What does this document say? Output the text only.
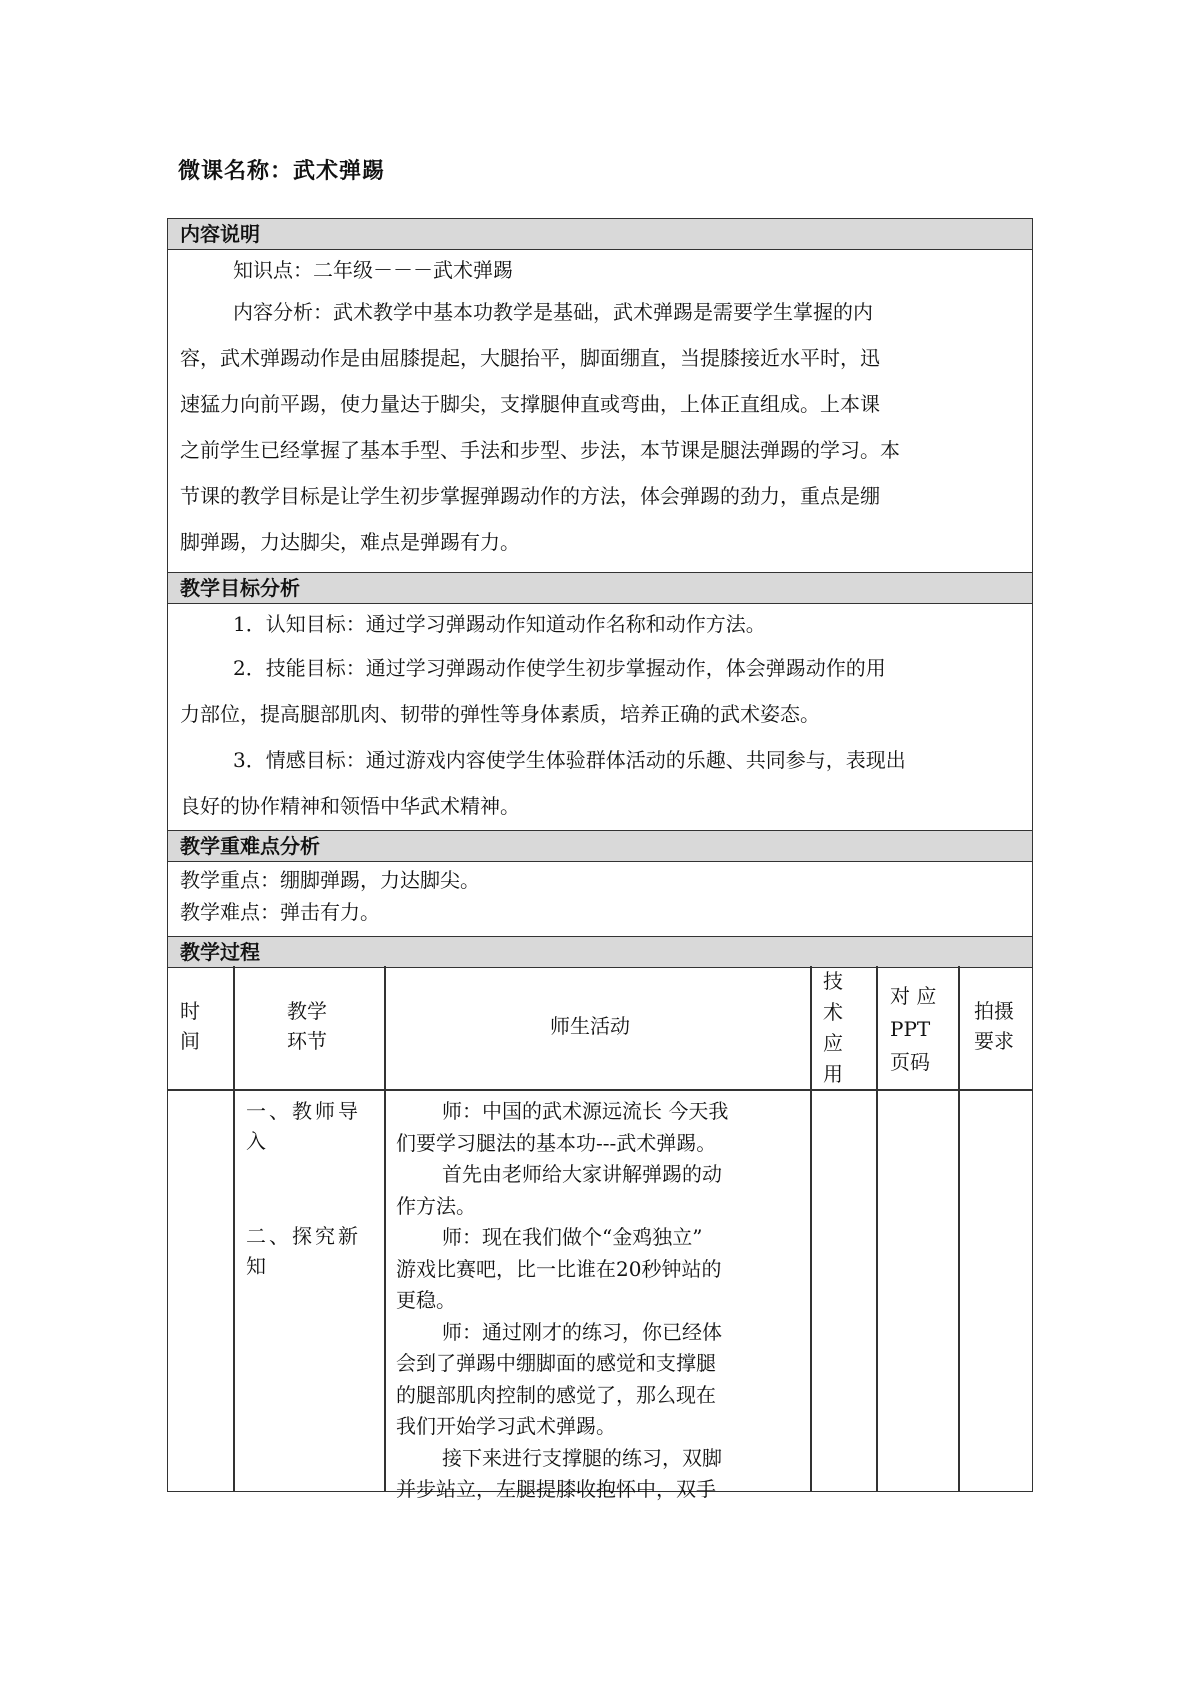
微课名称：武术弹踢
内容说明
知识点：二年级－－－武术弹踢
内容分析：武术教学中基本功教学是基础，武术弹踢是需要学生掌握的内
容，武术弹踢动作是由屈膝提起，大腿抬平，脚面绷直，当提膝接近水平时，迅
速猛力向前平踢，使力量达于脚尖，支撑腿伸直或弯曲，上体正直组成。上本课
之前学生已经掌握了基本手型、手法和步型、步法，本节课是腿法弹踢的学习。本
节课的教学目标是让学生初步掌握弹踢动作的方法，体会弹踢的劲力，重点是绷
脚弹踢，力达脚尖，难点是弹踢有力。
教学目标分析
1．认知目标：通过学习弹踢动作知道动作名称和动作方法。
2．技能目标：通过学习弹踢动作使学生初步掌握动作，体会弹踢动作的用
力部位，提高腿部肌肉、韧带的弹性等身体素质，培养正确的武术姿态。
3．情感目标：通过游戏内容使学生体验群体活动的乐趣、共同参与，表现出
良好的协作精神和领悟中华武术精神。
教学重难点分析
教学重点：绷脚弹踢，力达脚尖。
教学难点：弹击有力。
教学过程
时
间
教学
环节
师生活动
技
术
应
用
对 应
PPT
页码
拍摄
要求
一、教师导
入
二、探究新
知
师：中国的武术源远流长 今天我
们要学习腿法的基本功---武术弹踢。
首先由老师给大家讲解弹踢的动
作方法。
师：现在我们做个“金鸡独立”
游戏比赛吧，比一比谁在20秒钟站的
更稳。
师：通过刚才的练习，你已经体
会到了弹踢中绷脚面的感觉和支撑腿
的腿部肌肉控制的感觉了，那么现在
我们开始学习武术弹踢。
接下来进行支撑腿的练习，双脚
并步站立，左腿提膝收抱怀中，双手
